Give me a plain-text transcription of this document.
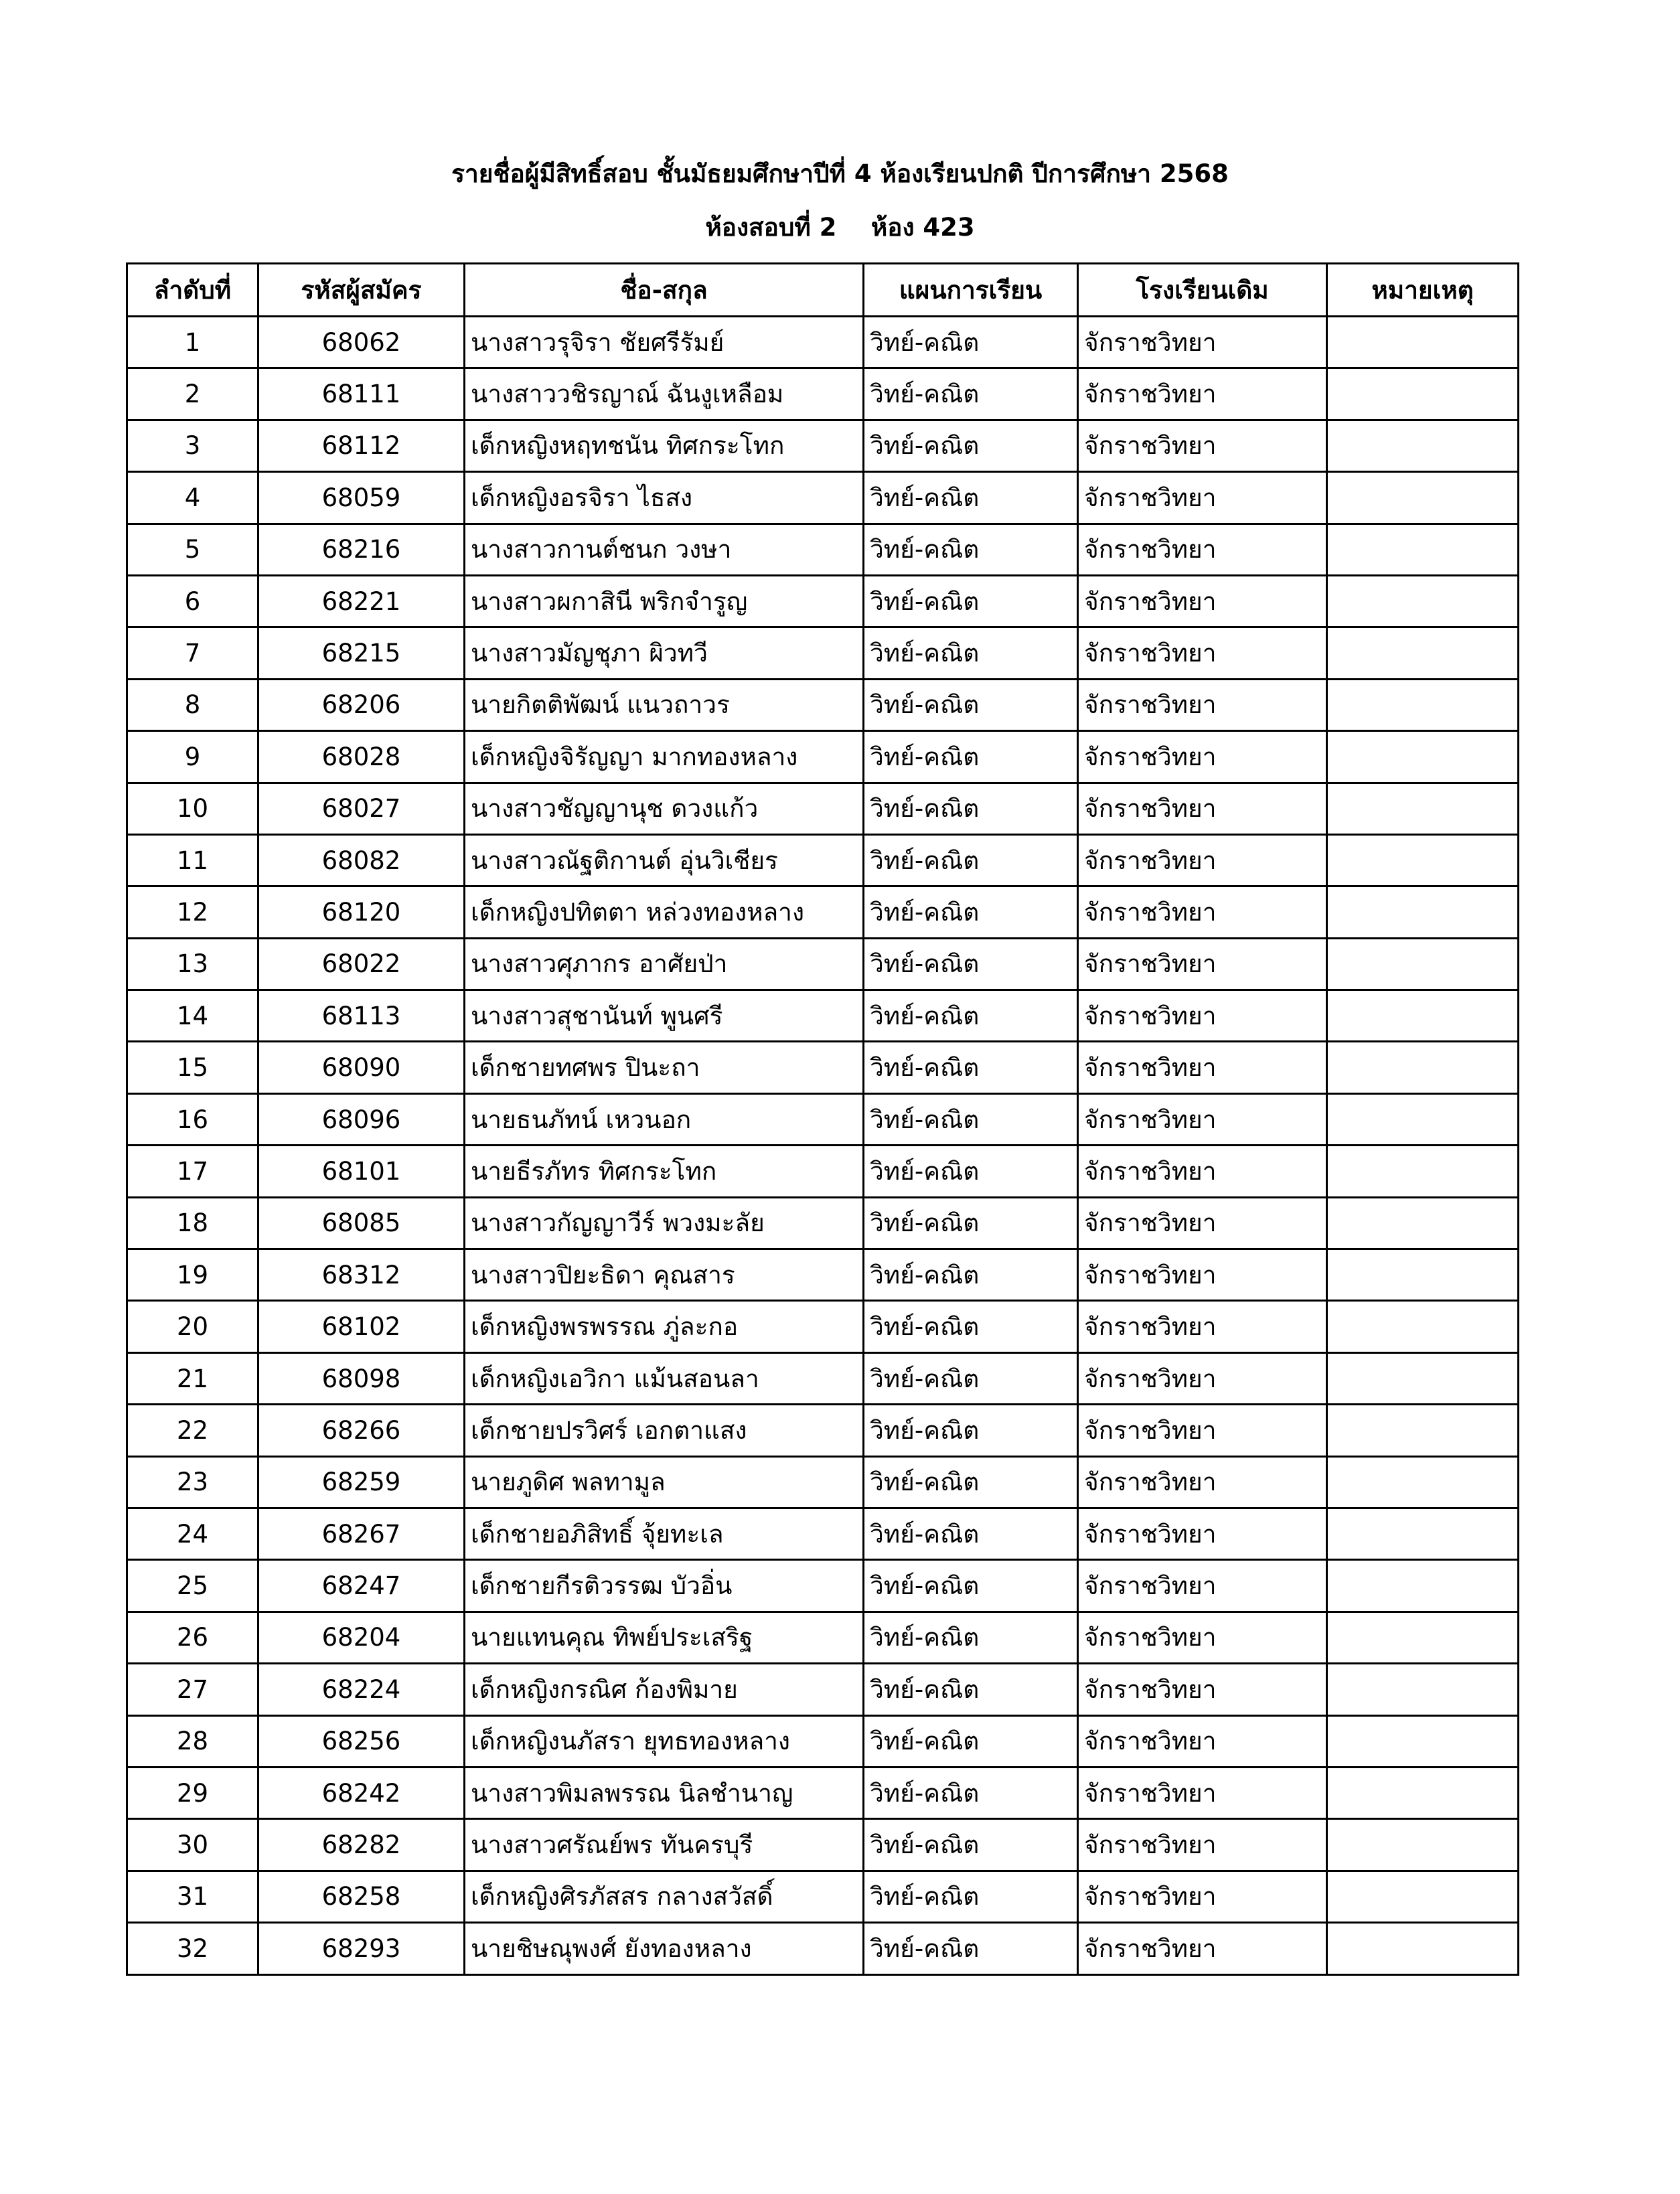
รายชื่อผู้มีสิทธิ์สอบ ชั้นมัธยมศึกษาปีที่ 4 ห้องเรียนปกติ ปีการศึกษา 2568
ห้องสอบที่ 2    ห้อง 423
ลำดับที่	รหัสผู้สมัคร	ชื่อ-สกุล	แผนการเรียน	โรงเรียนเดิม	หมายเหตุ
1	68062	นางสาวรุจิรา ชัยศรีรัมย์	วิทย์-คณิต	จักราชวิทยา	
2	68111	นางสาววชิรญาณ์ ฉันงูเหลือม	วิทย์-คณิต	จักราชวิทยา	
3	68112	เด็กหญิงหฤทชนัน ทิศกระโทก	วิทย์-คณิต	จักราชวิทยา	
4	68059	เด็กหญิงอรจิรา ไธสง	วิทย์-คณิต	จักราชวิทยา	
5	68216	นางสาวกานต์ชนก วงษา	วิทย์-คณิต	จักราชวิทยา	
6	68221	นางสาวผกาสินี พริกจำรูญ	วิทย์-คณิต	จักราชวิทยา	
7	68215	นางสาวมัญชุภา ผิวทวี	วิทย์-คณิต	จักราชวิทยา	
8	68206	นายกิตติพัฒน์ แนวถาวร	วิทย์-คณิต	จักราชวิทยา	
9	68028	เด็กหญิงจิรัญญา มากทองหลาง	วิทย์-คณิต	จักราชวิทยา	
10	68027	นางสาวชัญญานุช ดวงแก้ว	วิทย์-คณิต	จักราชวิทยา	
11	68082	นางสาวณัฐติกานต์ อุ่นวิเชียร	วิทย์-คณิต	จักราชวิทยา	
12	68120	เด็กหญิงปทิตตา หล่วงทองหลาง	วิทย์-คณิต	จักราชวิทยา	
13	68022	นางสาวศุภากร อาศัยป่า	วิทย์-คณิต	จักราชวิทยา	
14	68113	นางสาวสุชานันท์ พูนศรี	วิทย์-คณิต	จักราชวิทยา	
15	68090	เด็กชายทศพร ปินะถา	วิทย์-คณิต	จักราชวิทยา	
16	68096	นายธนภัทน์ เหวนอก	วิทย์-คณิต	จักราชวิทยา	
17	68101	นายธีรภัทร ทิศกระโทก	วิทย์-คณิต	จักราชวิทยา	
18	68085	นางสาวกัญญาวีร์ พวงมะลัย	วิทย์-คณิต	จักราชวิทยา	
19	68312	นางสาวปิยะธิดา คุณสาร	วิทย์-คณิต	จักราชวิทยา	
20	68102	เด็กหญิงพรพรรณ ภู่ละกอ	วิทย์-คณิต	จักราชวิทยา	
21	68098	เด็กหญิงเอวิกา แม้นสอนลา	วิทย์-คณิต	จักราชวิทยา	
22	68266	เด็กชายปรวิศร์ เอกตาแสง	วิทย์-คณิต	จักราชวิทยา	
23	68259	นายภูดิศ พลทามูล	วิทย์-คณิต	จักราชวิทยา	
24	68267	เด็กชายอภิสิทธิ์ จุ้ยทะเล	วิทย์-คณิต	จักราชวิทยา	
25	68247	เด็กชายกีรติวรรฒ บัวอิ่น	วิทย์-คณิต	จักราชวิทยา	
26	68204	นายแทนคุณ ทิพย์ประเสริฐ	วิทย์-คณิต	จักราชวิทยา	
27	68224	เด็กหญิงกรณิศ ก้องพิมาย	วิทย์-คณิต	จักราชวิทยา	
28	68256	เด็กหญิงนภัสรา ยุทธทองหลาง	วิทย์-คณิต	จักราชวิทยา	
29	68242	นางสาวพิมลพรรณ นิลชำนาญ	วิทย์-คณิต	จักราชวิทยา	
30	68282	นางสาวศรัณย์พร ทันครบุรี	วิทย์-คณิต	จักราชวิทยา	
31	68258	เด็กหญิงศิรภัสสร กลางสวัสดิ์	วิทย์-คณิต	จักราชวิทยา	
32	68293	นายชิษณุพงศ์ ยังทองหลาง	วิทย์-คณิต	จักราชวิทยา	
